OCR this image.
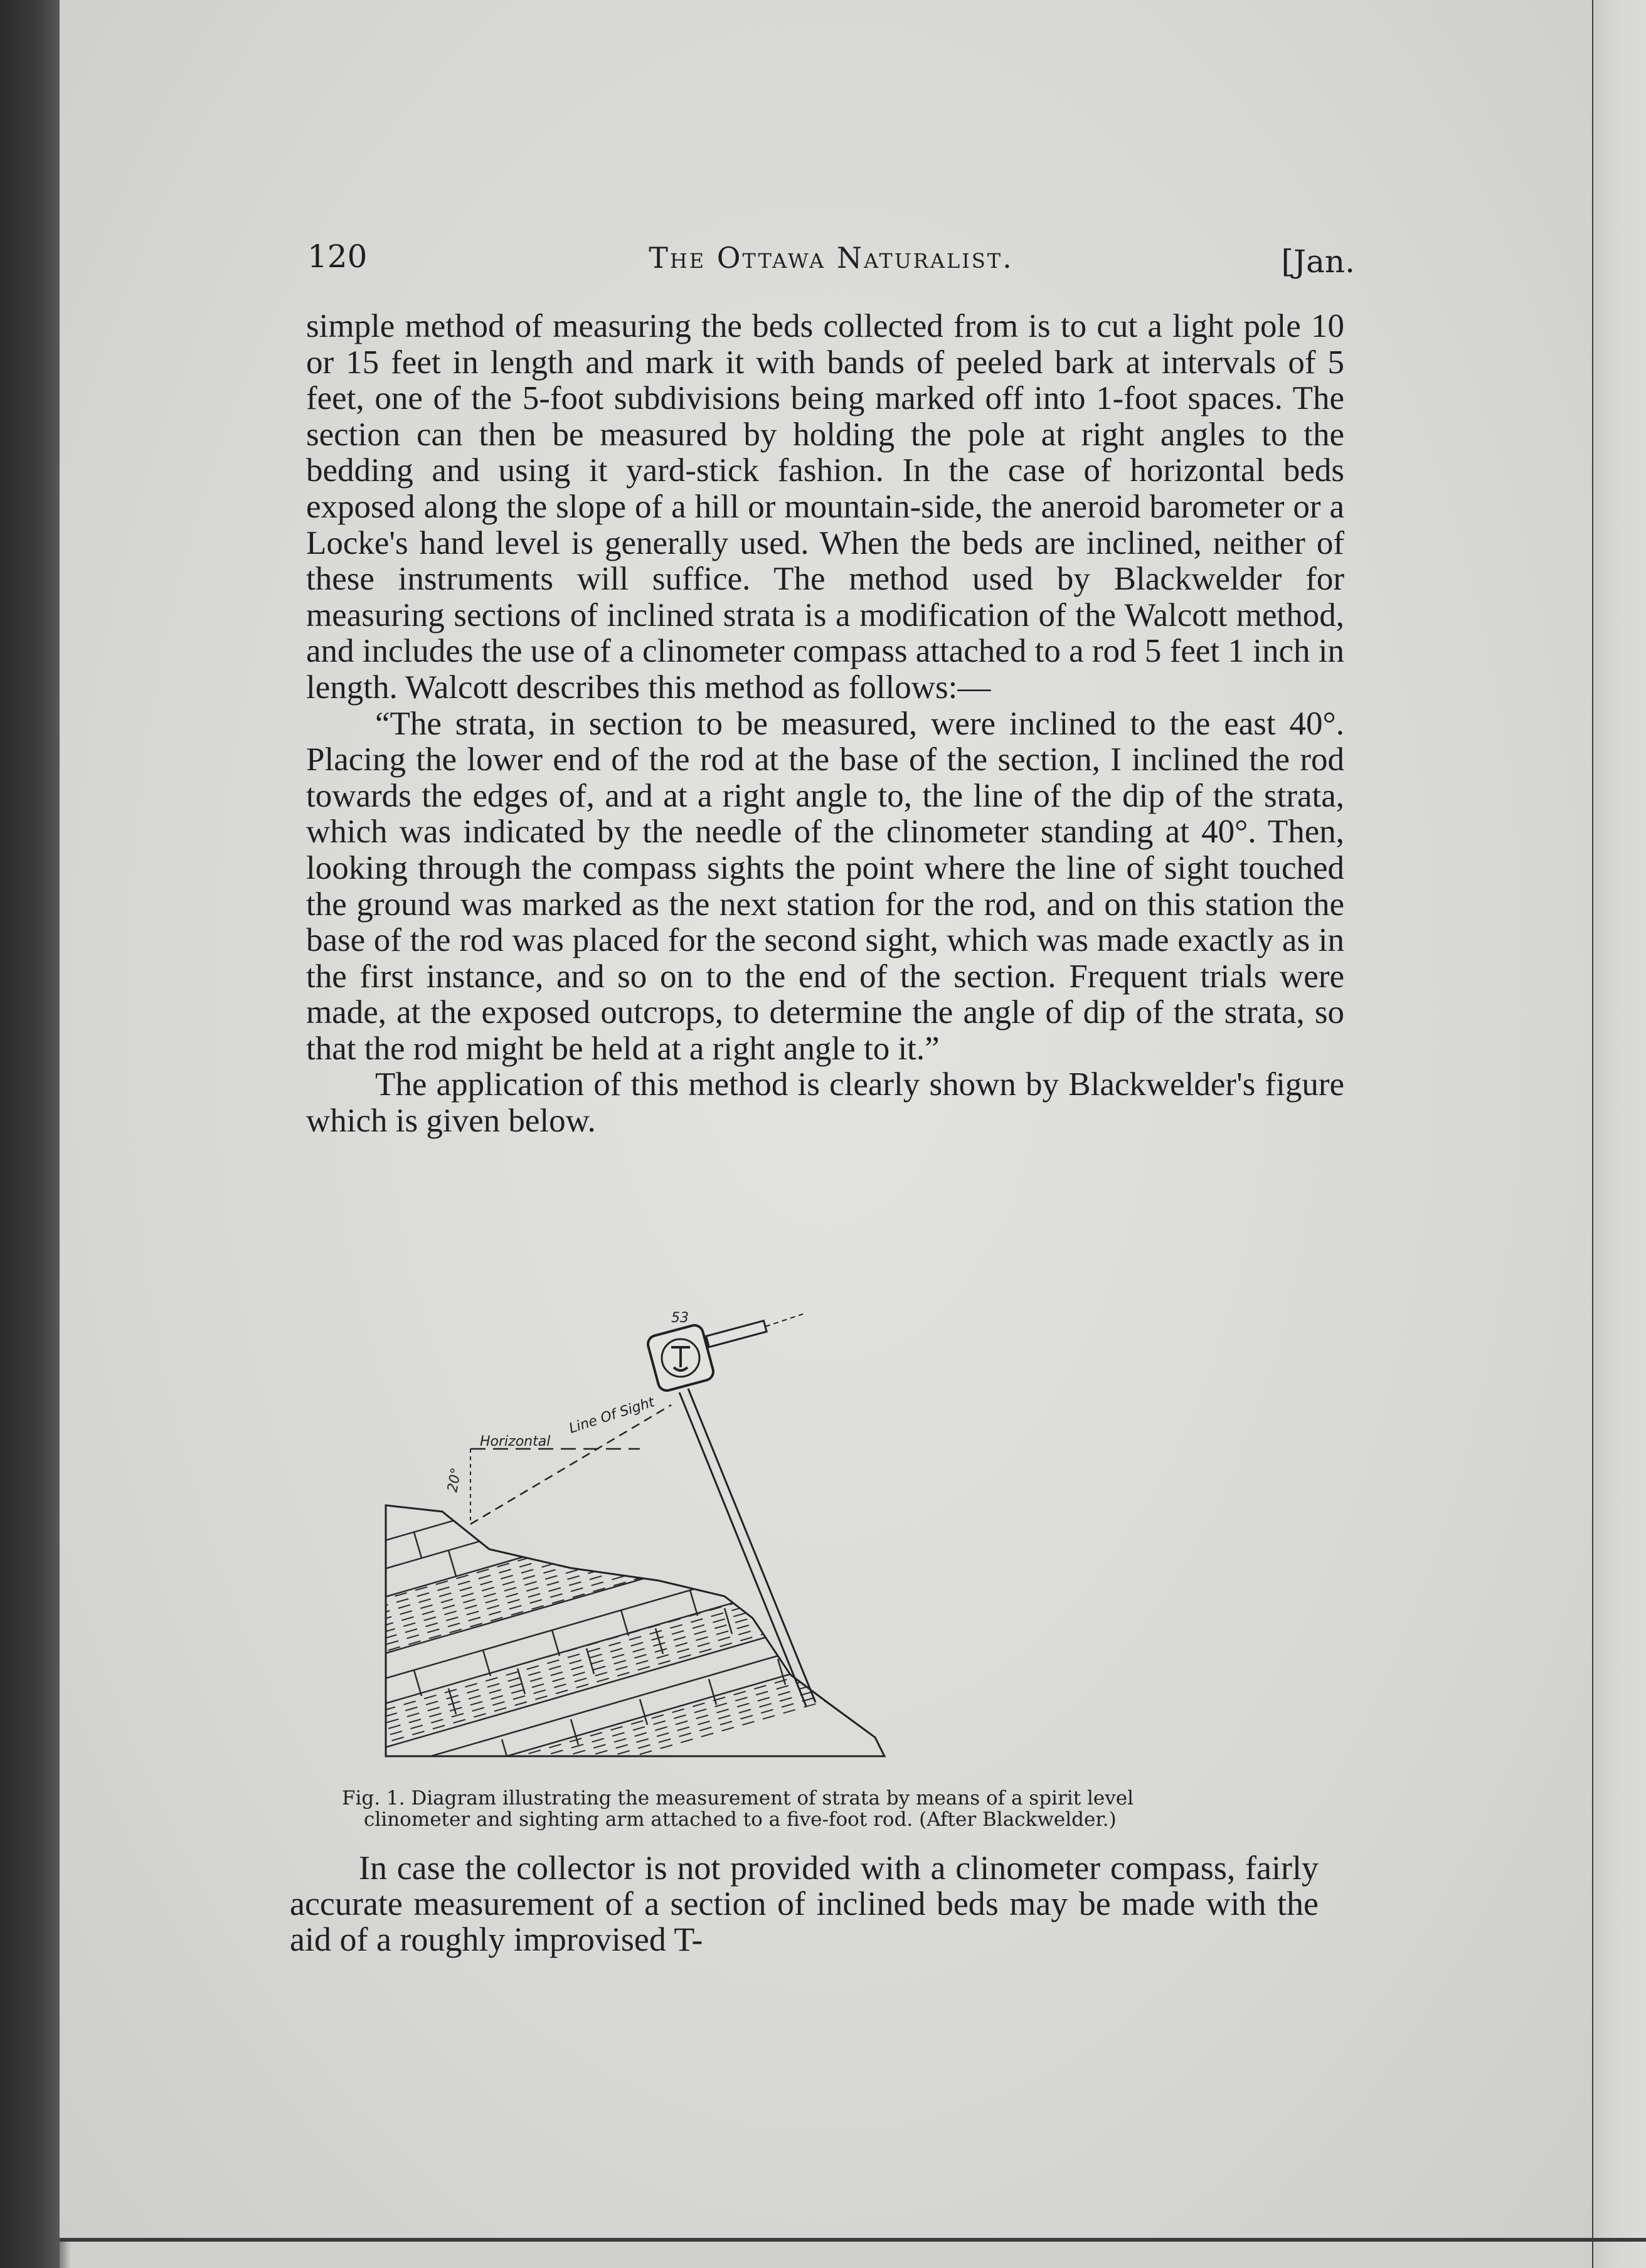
120	The Ottawa Naturalist.	[Jan.

simple method of measuring the beds collected from is to cut a light pole 10 or 15 feet in length and mark it with bands of peeled bark at intervals of 5 feet, one of the 5-foot subdivisions being marked off into 1-foot spaces. The section can then be measured by holding the pole at right angles to the bedding and using it yard-stick fashion. In the case of horizontal beds exposed along the slope of a hill or mountain-side, the aneroid barometer or a Locke's hand level is generally used. When the beds are inclined, neither of these instruments will suffice. The method used by Blackwelder for measuring sections of inclined strata is a modification of the Walcott method, and includes the use of a clinometer compass attached to a rod 5 feet 1 inch in length. Walcott describes this method as follows:—

“The strata, in section to be measured, were inclined to the east 40°. Placing the lower end of the rod at the base of the section, I inclined the rod towards the edges of, and at a right angle to, the line of the dip of the strata, which was indicated by the needle of the clinometer standing at 40°. Then, looking through the compass sights the point where the line of sight touched the ground was marked as the next station for the rod, and on this station the base of the rod was placed for the second sight, which was made exactly as in the first instance, and so on to the end of the section. Frequent trials were made, at the exposed outcrops, to determine the angle of dip of the strata, so that the rod might be held at a right angle to it.”

The application of this method is clearly shown by Blackwelder's figure which is given below.

Horizontal
20°
Line Of Sight
53
Fig. 1. Diagram illustrating the measurement of strata by means of a spirit level
clinometer and sighting arm attached to a five-foot rod. (After Blackwelder.)

In case the collector is not provided with a clinometer compass, fairly accurate measurement of a section of inclined beds may be made with the aid of a roughly improvised T-
